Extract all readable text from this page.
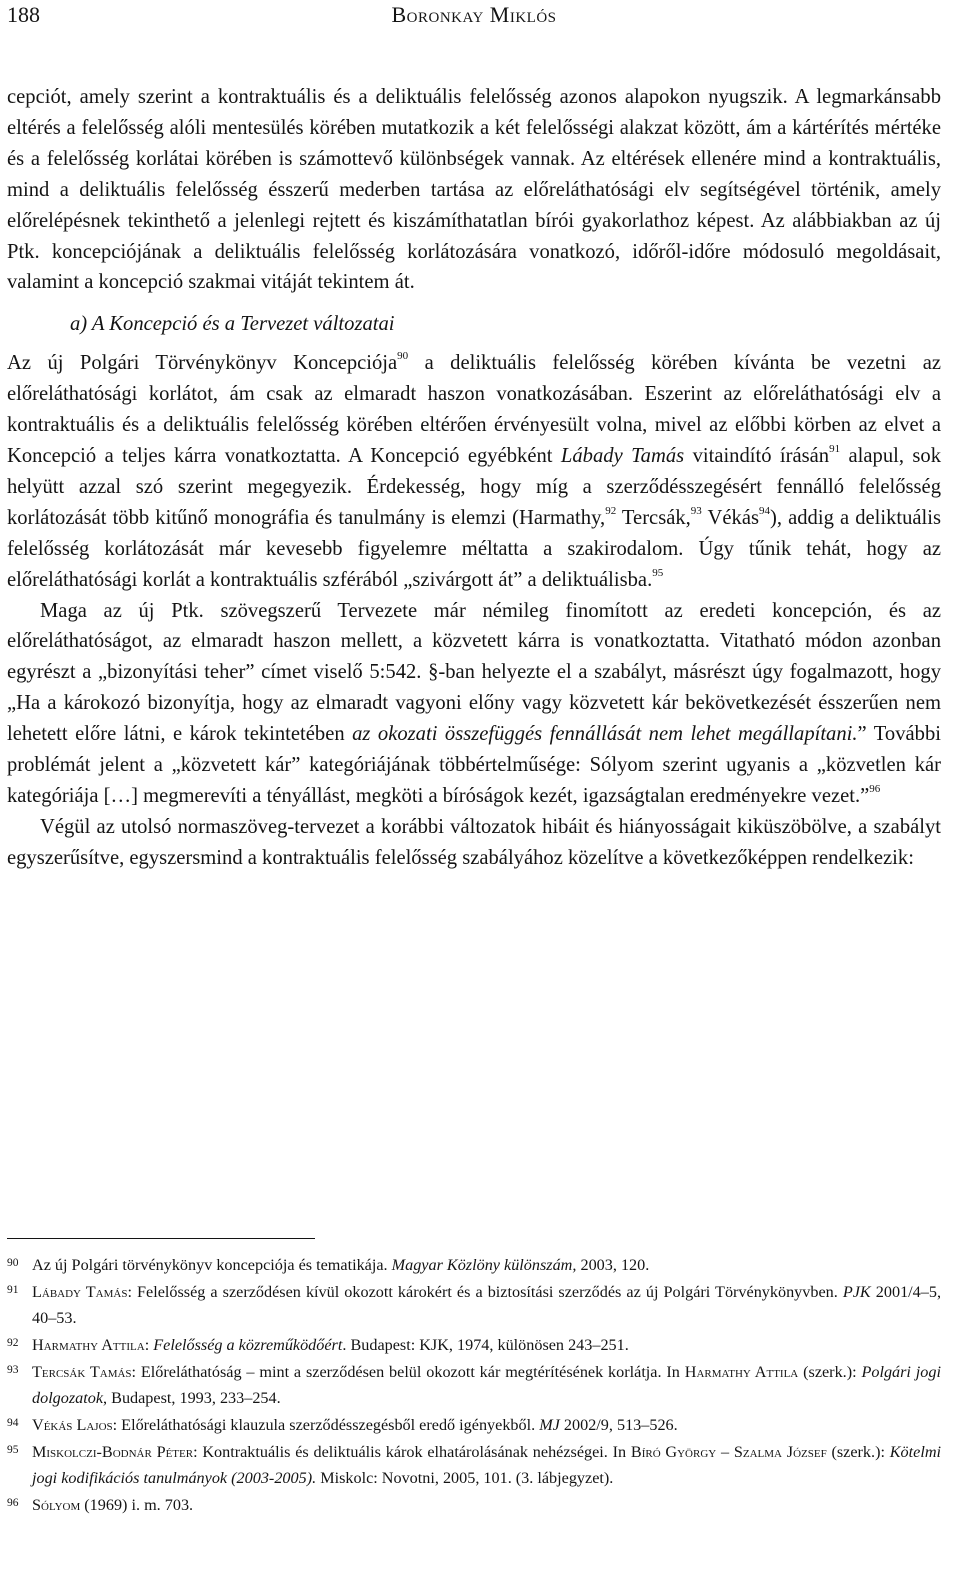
188	Boronkay Miklós

cepciót, amely szerint a kontraktuális és a deliktuális felelősség azonos alapokon nyugszik. A legmarkánsabb eltérés a felelősség alóli mentesülés körében mutatkozik a két felelősségi alakzat között, ám a kártérítés mértéke és a felelősség korlátai körében is számottevő különbségek vannak. Az eltérések ellenére mind a kontraktuális, mind a deliktuális felelősség ésszerű mederben tartása az előreláthatósági elv segítségével történik, amely előrelépésnek tekinthető a jelenlegi rejtett és kiszámíthatatlan bírói gyakorlathoz képest. Az alábbiakban az új Ptk. koncepciójának a deliktuális felelősség korlátozására vonatkozó, időről-időre módosuló megoldásait, valamint a koncepció szakmai vitáját tekintem át.

a) A Koncepció és a Tervezet változatai

Az új Polgári Törvénykönyv Koncepciója$^{90}$ a deliktuális felelősség körében kívánta be vezetni az előreláthatósági korlátot, ám csak az elmaradt haszon vonatkozásában. Eszerint az előreláthatósági elv a kontraktuális és a deliktuális felelősség körében eltérően érvényesült volna, mivel az előbbi körben az elvet a Koncepció a teljes kárra vonatkoztatta. A Koncepció egyébként Lábady Tamás vitaindító írásán$^{91}$ alapul, sok helyütt azzal szó szerint megegyezik. Érdekesség, hogy míg a szerződésszegésért fennálló felelősség korlátozását több kitűnő monográfia és tanulmány is elemzi (Harmathy,$^{92}$ Tercsák,$^{93}$ Vékás$^{94}$), addig a deliktuális felelősség korlátozását már kevesebb figyelemre méltatta a szakirodalom. Úgy tűnik tehát, hogy az előreláthatósági korlát a kontraktuális szférából „szivárgott át” a deliktuálisba.$^{95}$

Maga az új Ptk. szövegszerű Tervezete már némileg finomított az eredeti koncepción, és az előreláthatóságot, az elmaradt haszon mellett, a közvetett kárra is vonatkoztatta. Vitatható módon azonban egyrészt a „bizonyítási teher” címet viselő 5:542. §-ban helyezte el a szabályt, másrészt úgy fogalmazott, hogy „Ha a károkozó bizonyítja, hogy az elmaradt vagyoni előny vagy közvetett kár bekövetkezését ésszerűen nem lehetett előre látni, e károk tekintetében az okozati összefüggés fennállását nem lehet megállapítani.” További problémát jelent a „közvetett kár” kategóriájának többértelműsége: Sólyom szerint ugyanis a „közvetlen kár kategóriája […] megmerevíti a tényállást, megköti a bíróságok kezét, igazságtalan eredményekre vezet.”$^{96}$

Végül az utolsó normaszöveg-tervezet a korábbi változatok hibáit és hiányosságait kiküszöbölve, a szabályt egyszerűsítve, egyszersmind a kontraktuális felelősség szabályához közelítve a következőképpen rendelkezik:

90 Az új Polgári törvénykönyv koncepciója és tematikája. Magyar Közlöny különszám, 2003, 120.
91 Lábady Tamás: Felelősség a szerződésen kívül okozott károkért és a biztosítási szerződés az új Polgári Törvénykönyvben. PJK 2001/4–5, 40–53.
92 Harmathy Attila: Felelősség a közreműködőért. Budapest: KJK, 1974, különösen 243–251.
93 Tercsák Tamás: Előreláthatóság – mint a szerződésen belül okozott kár megtérítésének korlátja. In Harmathy Attila (szerk.): Polgári jogi dolgozatok, Budapest, 1993, 233–254.
94 Vékás Lajos: Előreláthatósági klauzula szerződésszegésből eredő igényekből. MJ 2002/9, 513–526.
95 Miskolczi-Bodnár Péter: Kontraktuális és deliktuális károk elhatárolásának nehézségei. In Bíró György – Szalma József (szerk.): Kötelmi jogi kodifikációs tanulmányok (2003-2005). Miskolc: Novotni, 2005, 101. (3. lábjegyzet).
96 Sólyom (1969) i. m. 703.
